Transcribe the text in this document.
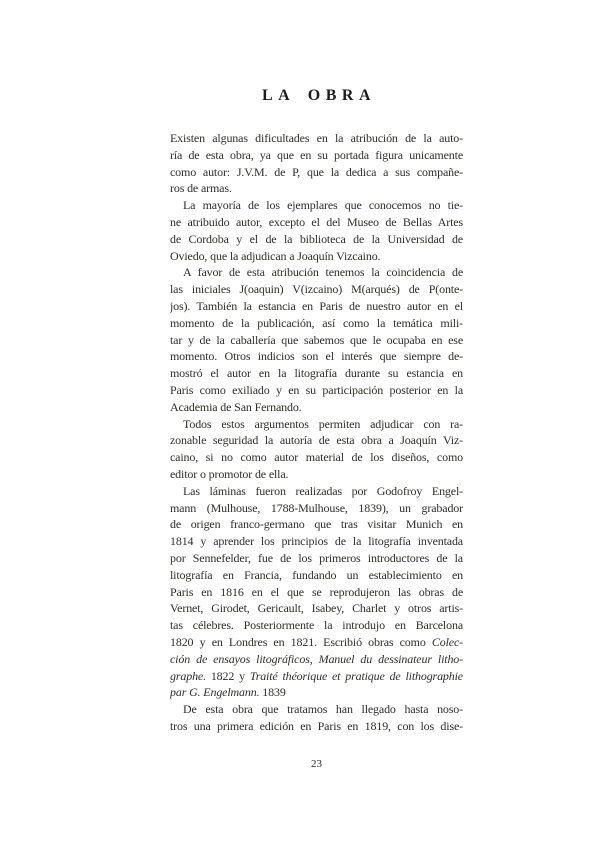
LA OBRA
Existen algunas dificultades en la atribución de la auto-
ría de esta obra, ya que en su portada figura unicamente
como autor: J.V.M. de P, que la dedica a sus compañe-
ros de armas.
La mayoría de los ejemplares que conocemos no tie-
ne atribuido autor, excepto el del Museo de Bellas Artes
de Cordoba y el de la biblioteca de la Universidad de
Oviedo, que la adjudican a Joaquín Vizcaino.
A favor de esta atribución tenemos la coincidencia de
las iniciales J(oaquin) V(izcaino) M(arqués) de P(onte-
jos). También la estancia en Paris de nuestro autor en el
momento de la publicación, así como la temática mili-
tar y de la caballería que sabemos que le ocupaba en ese
momento. Otros indicios son el interés que siempre de-
mostró el autor en la litografía durante su estancia en
Paris como exiliado y en su participación posterior en la
Academia de San Fernando.
Todos estos argumentos permiten adjudicar con ra-
zonable seguridad la autoría de esta obra a Joaquín Viz-
caino, si no como autor material de los diseños, como
editor o promotor de ella.
Las láminas fueron realizadas por Godofroy Engel-
mann (Mulhouse, 1788-Mulhouse, 1839), un grabador
de origen franco-germano que tras visitar Munich en
1814 y aprender los principios de la litografía inventada
por Sennefelder, fue de los primeros introductores de la
litografía en Francia, fundando un establecimiento en
Paris en 1816 en el que se reprodujeron las obras de
Vernet, Girodet, Gericault, Isabey, Charlet y otros artis-
tas célebres. Posteriormente la introdujo en Barcelona
1820 y en Londres en 1821. Escribió obras como Colec-
ción de ensayos litográficos, Manuel du dessinateur litho-
graphe. 1822 y Traité théorique et pratique de lithographie
par G. Engelmann. 1839
De esta obra que tratamos han llegado hasta noso-
tros una primera edición en Paris en 1819, con los dise-
23
